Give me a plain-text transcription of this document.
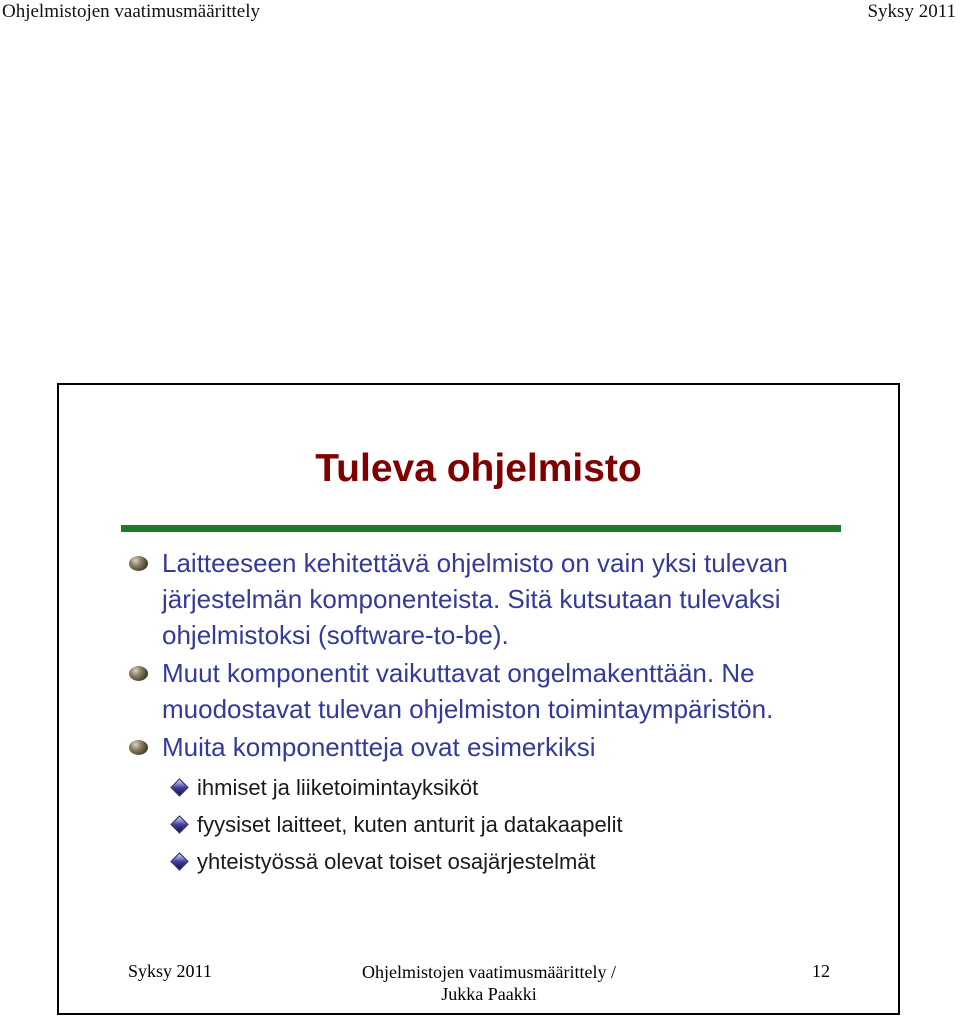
Ohjelmistojen vaatimusmäärittely	Syksy 2011
Tuleva ohjelmisto
Laitteeseen kehitettävä ohjelmisto on vain yksi tulevan järjestelmän komponenteista. Sitä kutsutaan tulevaksi ohjelmistoksi (software-to-be).
Muut komponentit vaikuttavat ongelmakenttään. Ne muodostavat tulevan ohjelmiston toimintaympäristön.
Muita komponentteja ovat esimerkiksi
ihmiset ja liiketoimintayksiköt
fyysiset laitteet, kuten anturit ja datakaapelit
yhteistyössä olevat toiset osajärjestelmät
Syksy 2011	Ohjelmistojen vaatimusmäärittely /
Jukka Paakki
12
